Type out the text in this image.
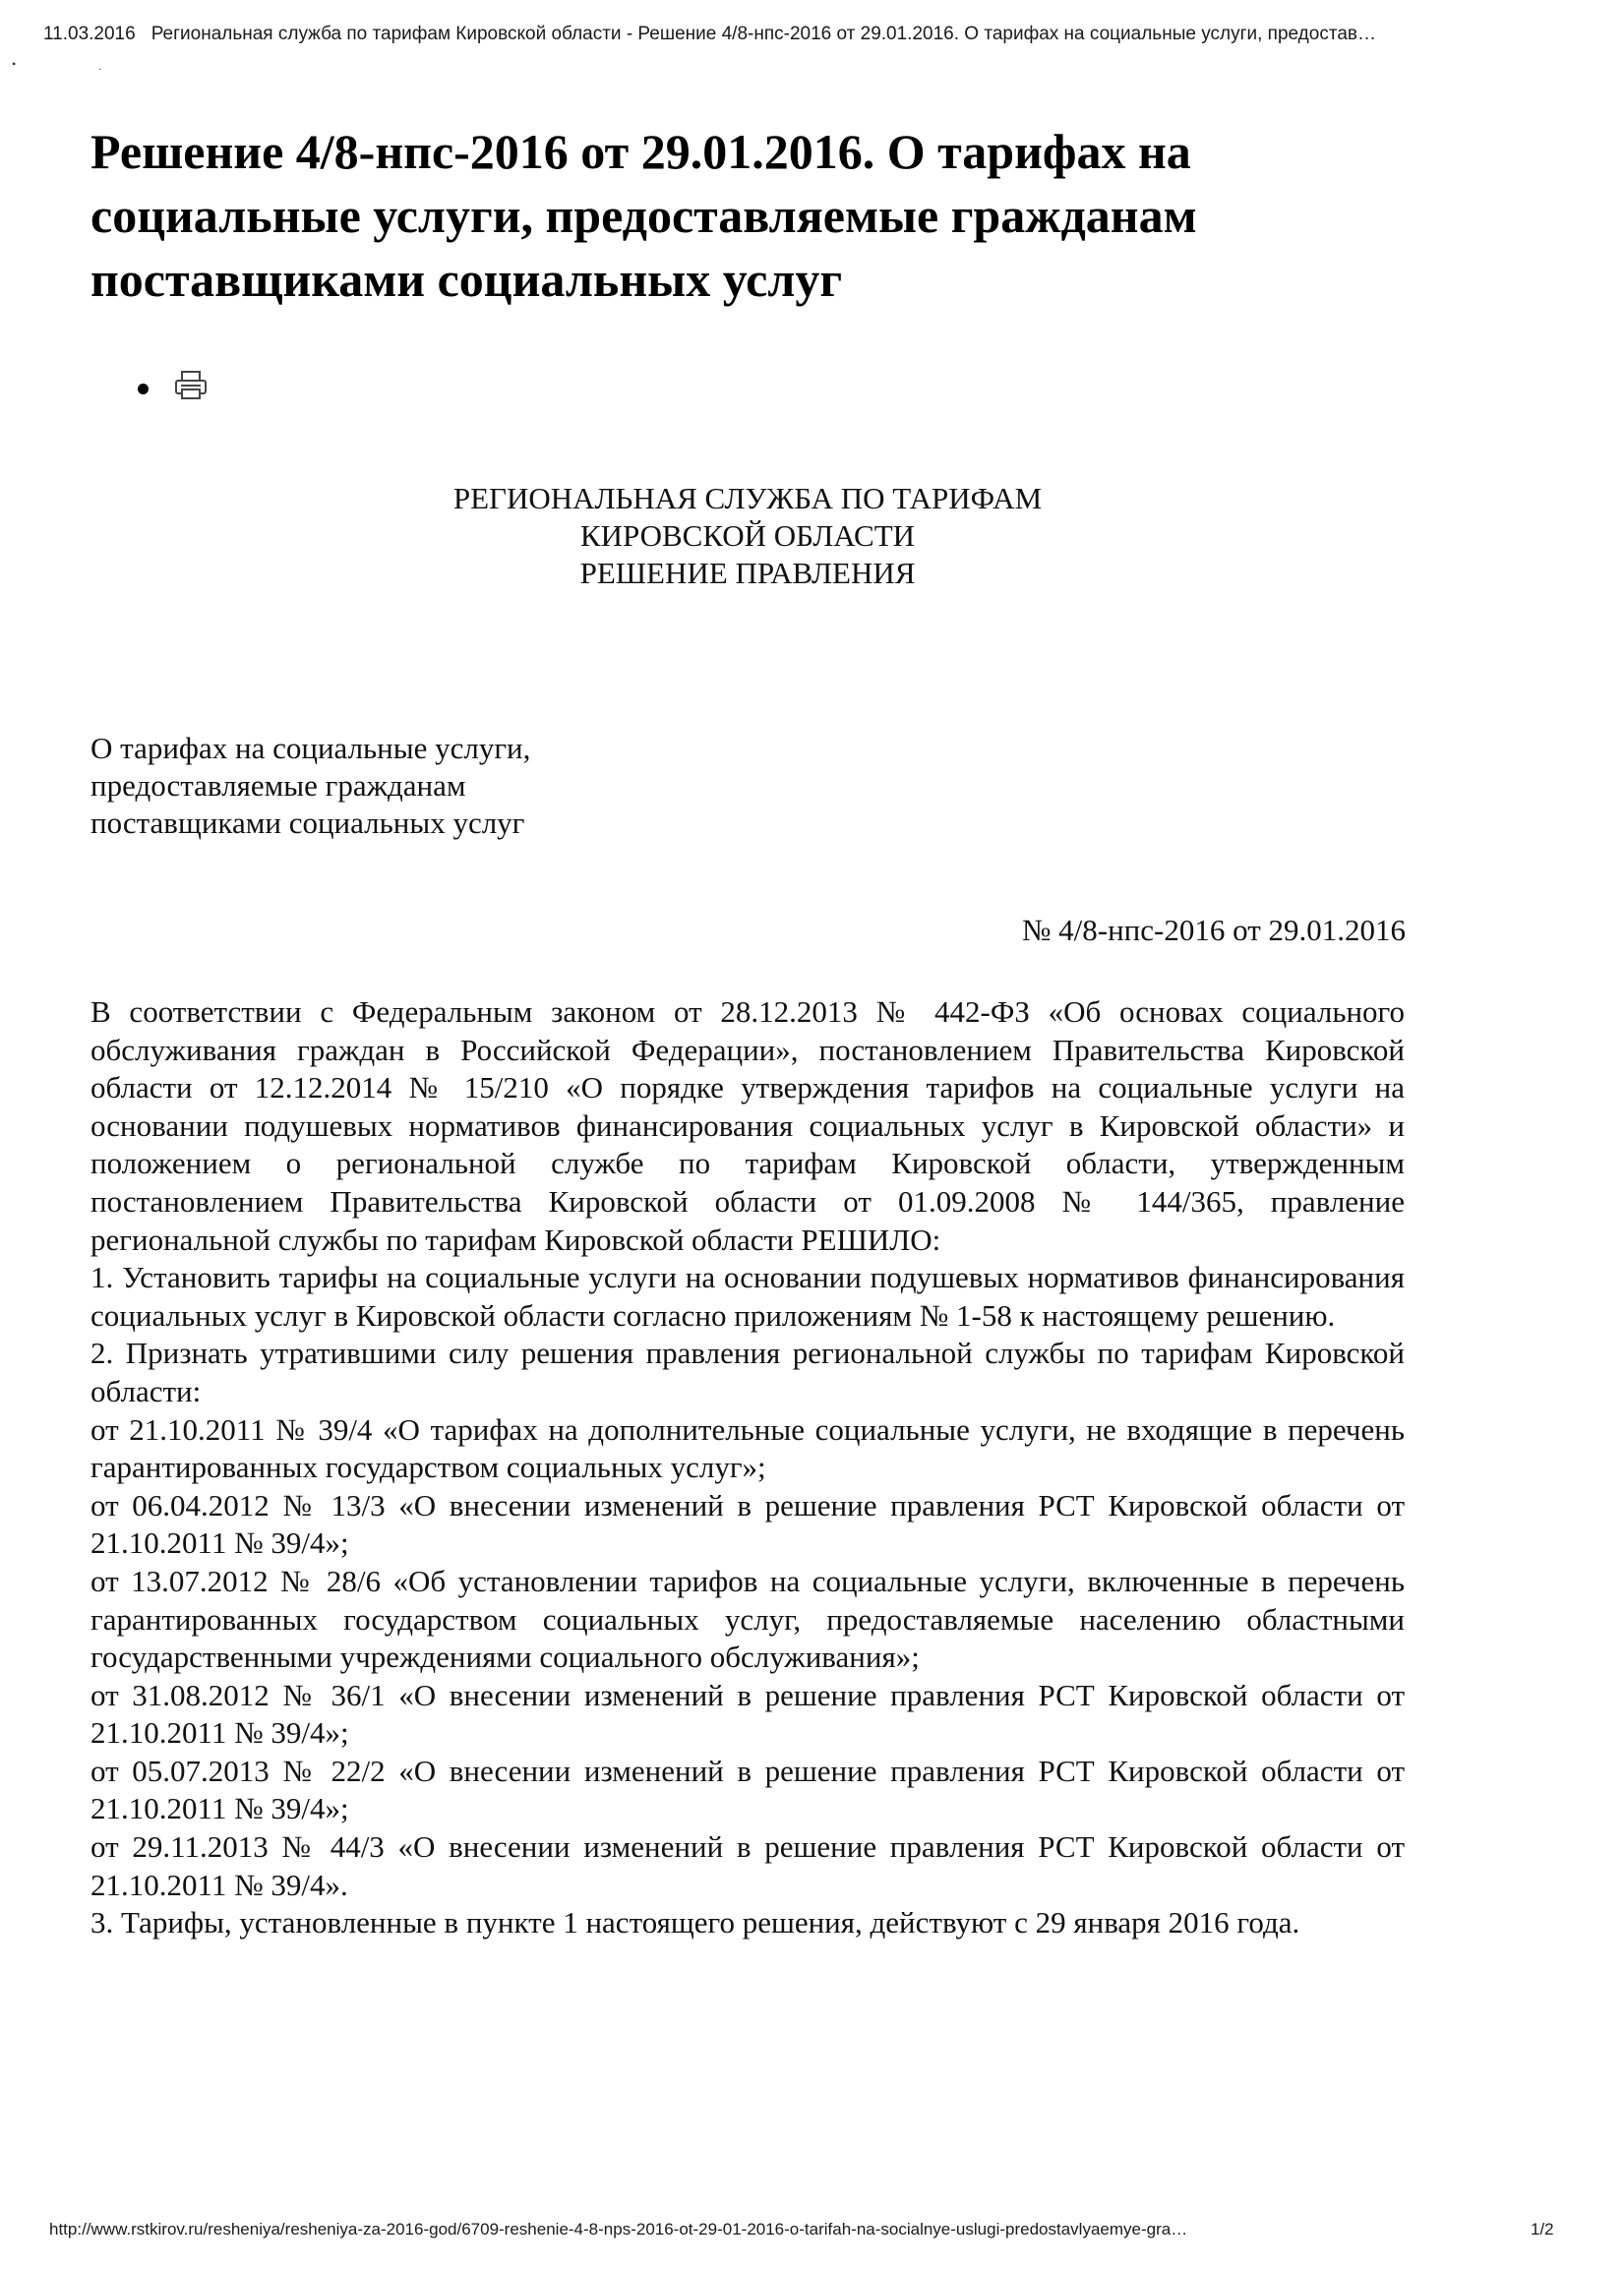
11.03.2016 Региональная служба по тарифам Кировской области - Решение 4/8-нпс-2016 от 29.01.2016. О тарифах на социальные услуги, предостав…
•	·
Решение 4/8-нпс-2016 от 29.01.2016. О тарифах на социальные услуги, предоставляемые гражданам поставщиками социальных услуг
РЕГИОНАЛЬНАЯ СЛУЖБА ПО ТАРИФАМ
КИРОВСКОЙ ОБЛАСТИ
РЕШЕНИЕ ПРАВЛЕНИЯ
О тарифах на социальные услуги,
предоставляемые гражданам
поставщиками социальных услуг
№ 4/8-нпс-2016 от 29.01.2016

В соответствии с Федеральным законом от 28.12.2013 № 442-ФЗ «Об основах социального обслуживания граждан в Российской Федерации», постановлением Правительства Кировской области от 12.12.2014 № 15/210 «О порядке утверждения тарифов на социальные услуги на основании подушевых нормативов финансирования социальных услуг в Кировской области» и положением о региональной службе по тарифам Кировской области, утвержденным постановлением Правительства Кировской области от 01.09.2008 № 144/365, правление региональной службы по тарифам Кировской области РЕШИЛО:

1. Установить тарифы на социальные услуги на основании подушевых нормативов финансирования социальных услуг в Кировской области согласно приложениям № 1-58 к настоящему решению.

2. Признать утратившими силу решения правления региональной службы по тарифам Кировской области:

от 21.10.2011 № 39/4 «О тарифах на дополнительные социальные услуги, не входящие в перечень гарантированных государством социальных услуг»;

от 06.04.2012 № 13/3 «О внесении изменений в решение правления РСТ Кировской области от 21.10.2011 № 39/4»;

от 13.07.2012 № 28/6 «Об установлении тарифов на социальные услуги, включенные в перечень гарантированных государством социальных услуг, предоставляемые населению областными государственными учреждениями социального обслуживания»;

от 31.08.2012 № 36/1 «О внесении изменений в решение правления РСТ Кировской области от 21.10.2011 № 39/4»;

от 05.07.2013 № 22/2 «О внесении изменений в решение правления РСТ Кировской области от 21.10.2011 № 39/4»;

от 29.11.2013 № 44/3 «О внесении изменений в решение правления РСТ Кировской области от 21.10.2011 № 39/4».

3. Тарифы, установленные в пункте 1 настоящего решения, действуют с 29 января 2016 года.

http://www.rstkirov.ru/resheniya/resheniya-za-2016-god/6709-reshenie-4-8-nps-2016-ot-29-01-2016-o-tarifah-na-socialnye-uslugi-predostavlyaemye-gra…	1/2
